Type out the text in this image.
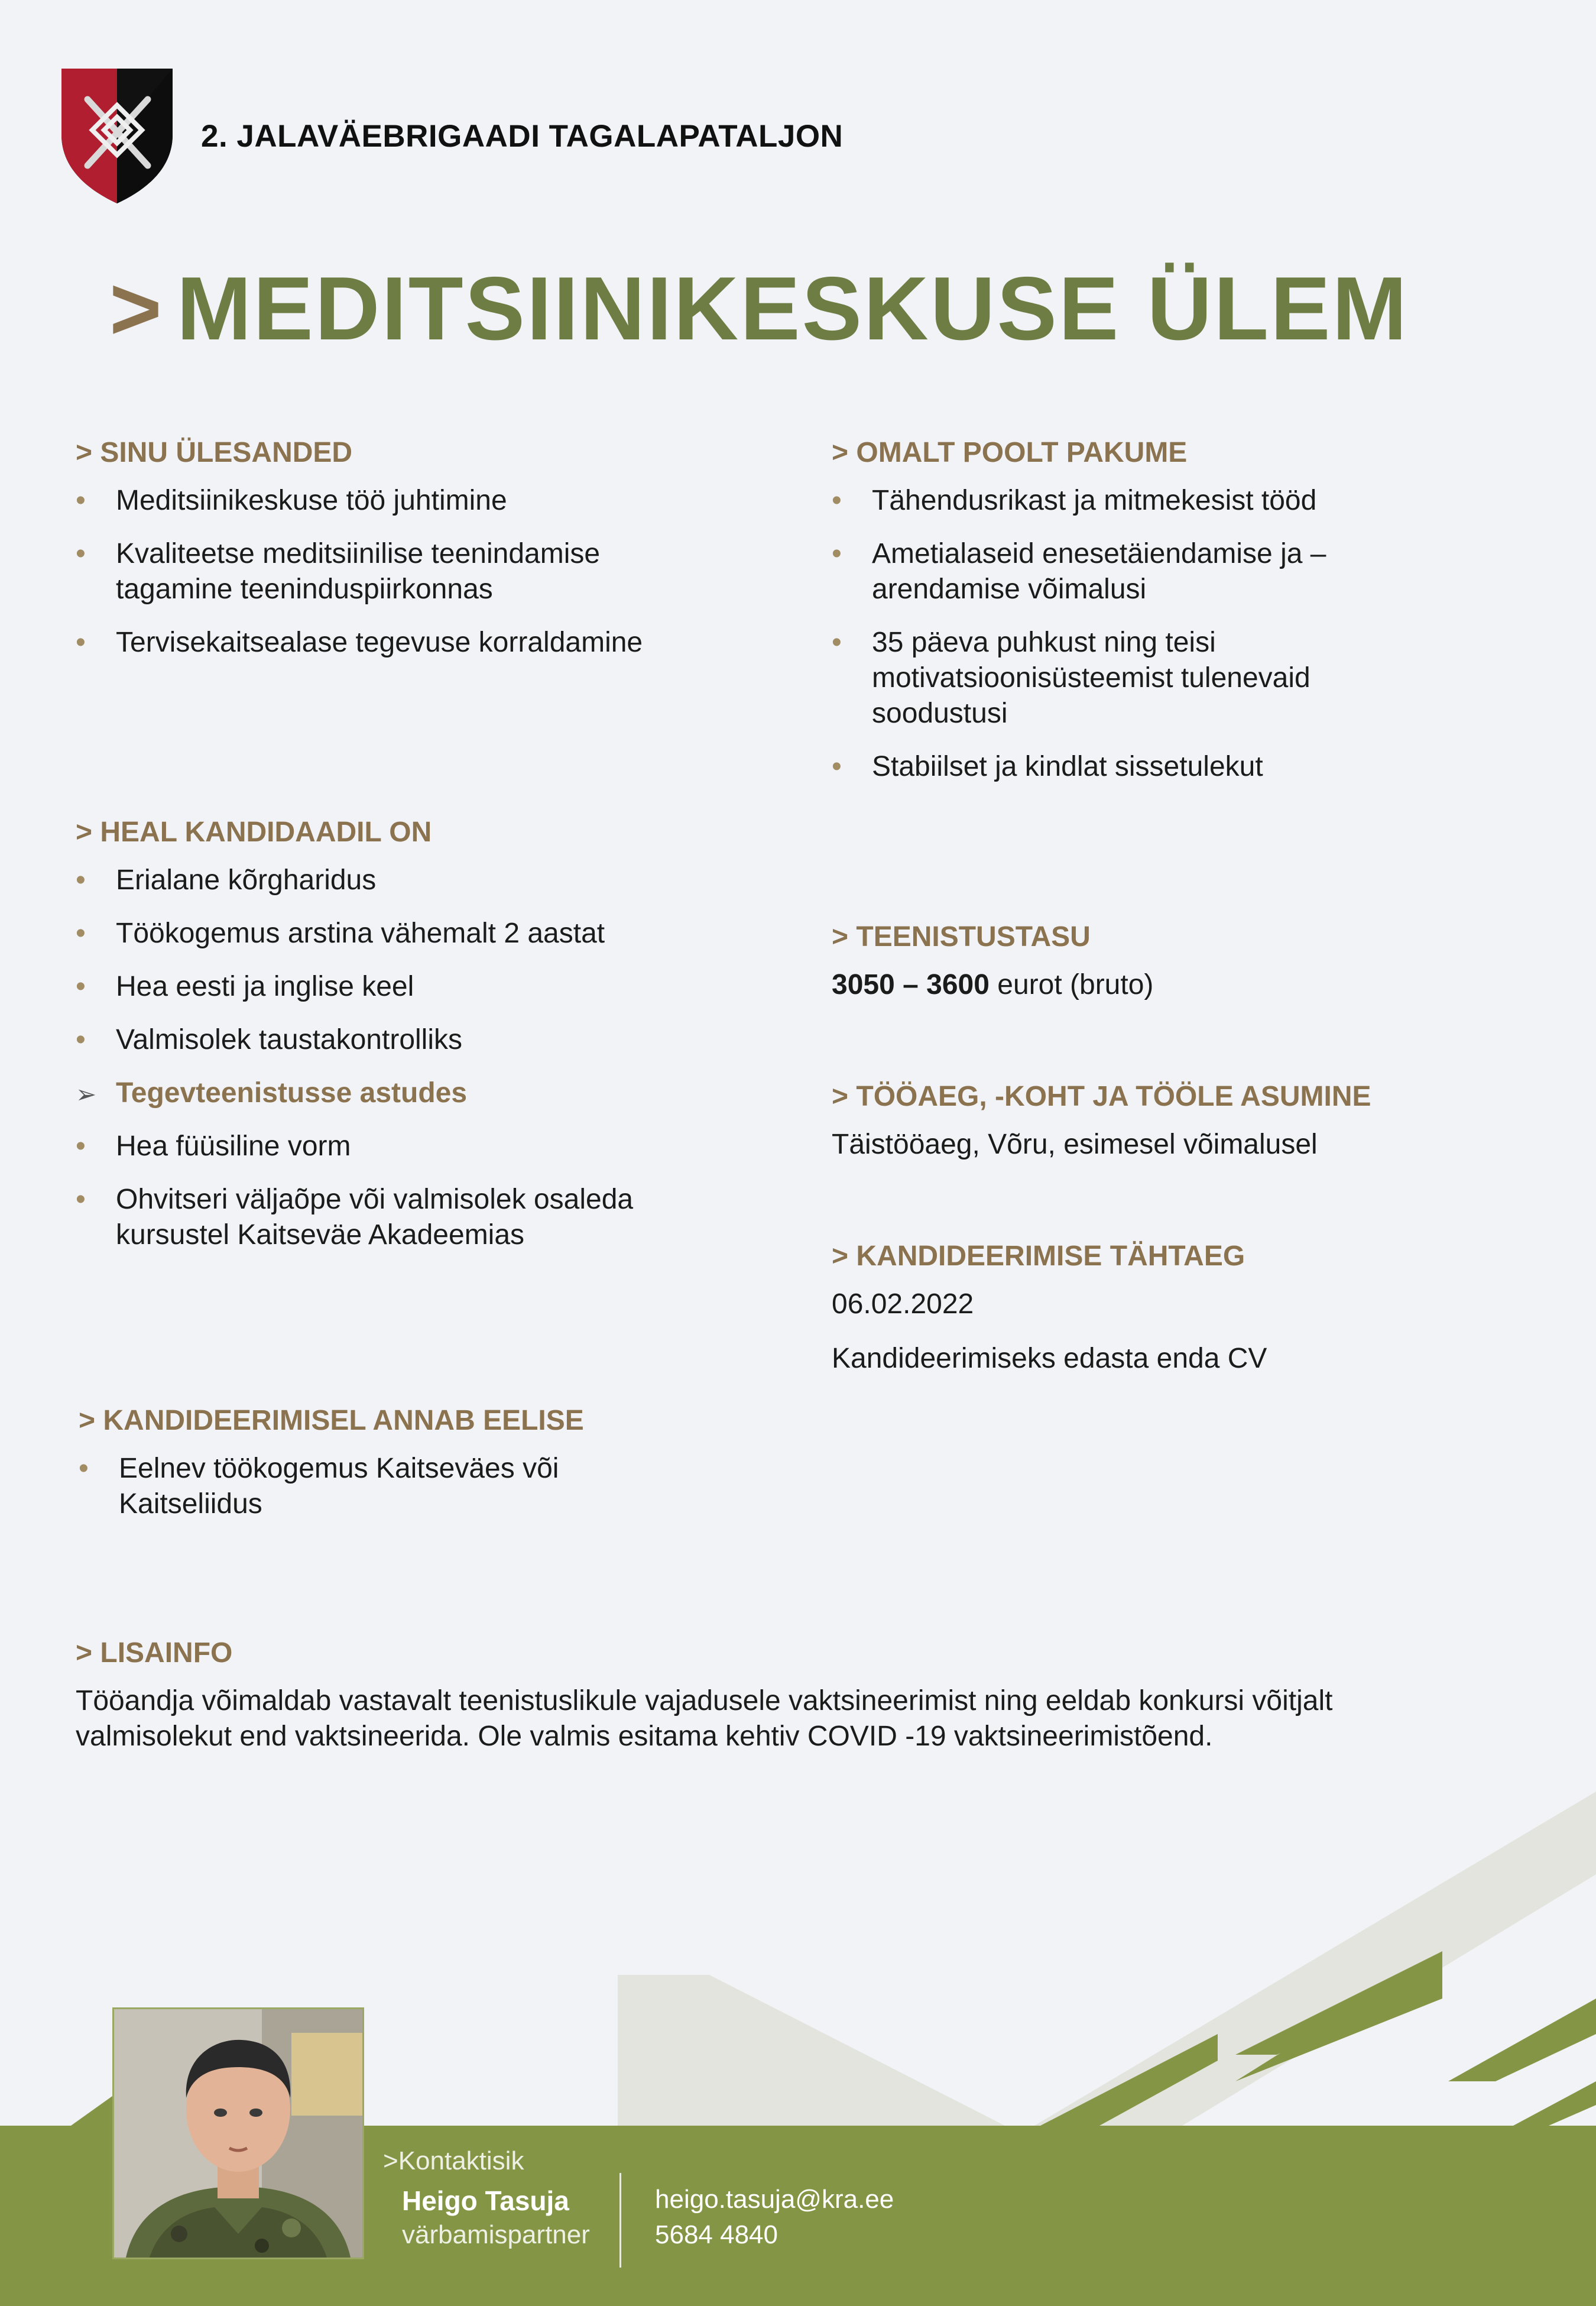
2. JALAVÄEBRIGAADI TAGALAPATALJON
> MEDITSIINIKESKUSE ÜLEM
> SINU ÜLESANDED
• Meditsiinikeskuse töö juhtimine
• Kvaliteetse meditsiinilise teenindamise tagamine teeninduspiirkonnas
• Tervisekaitsealase tegevuse korraldamine
> HEAL KANDIDAADIL ON
• Erialane kõrgharidus
• Töökogemus arstina vähemalt 2 aastat
• Hea eesti ja inglise keel
• Valmisolek taustakontrolliks
➢ Tegevteenistusse astudes
• Hea füüsiline vorm
• Ohvitseri väljaõpe või valmisolek osaleda kursustel Kaitseväe Akadeemias
> KANDIDEERIMISEL ANNAB EELISE
• Eelnev töökogemus Kaitseväes või Kaitseliidus
> OMALT POOLT PAKUME
• Tähendusrikast ja mitmekesist tööd
• Ametialaseid enesetäiendamise ja –arendamise võimalusi
• 35 päeva puhkust ning teisi motivatsioonisüsteemist tulenevaid soodustusi
• Stabiilset ja kindlat sissetulekut
> TEENISTUSTASU

3050 – 3600 eurot (bruto)

> TÖÖAEG, -KOHT JA TÖÖLE ASUMINE

Täistööaeg, Võru, esimesel võimalusel

> KANDIDEERIMISE TÄHTAEG

06.02.2022

Kandideerimiseks edasta enda CV

> LISAINFO

Tööandja võimaldab vastavalt teenistuslikule vajadusele vaktsineerimist ning eeldab konkursi võitjalt valmisolekut end vaktsineerida. Ole valmis esitama kehtiv COVID -19 vaktsineerimistõend.

>Kontaktisik
Heigo Tasuja
värbamispartner
heigo.tasuja@kra.ee
5684 4840
